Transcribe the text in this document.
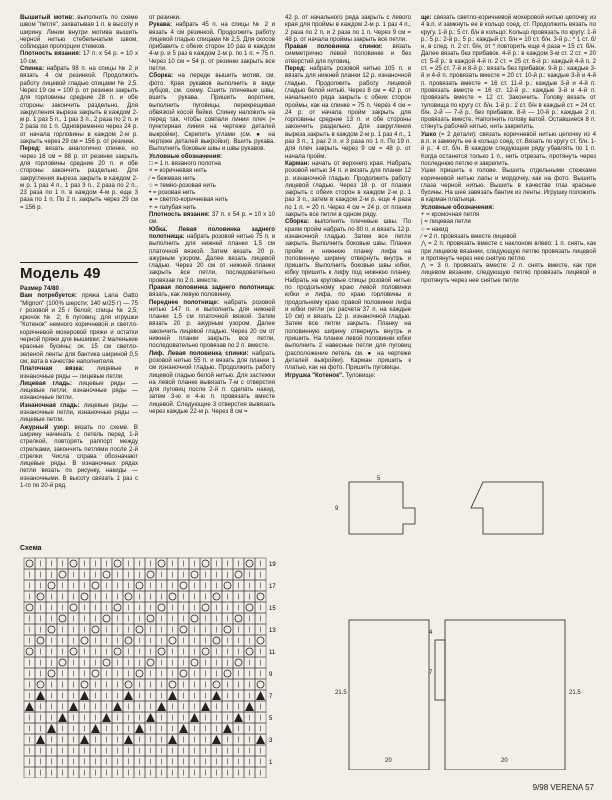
Вышитый мотив: выполнить по схеме швом "петля", захватывая 1 п. в высоту и ширину. Линии внутри мотива вышить черной нитью стебельчатым швом, соблюдая пропорции стежков.

Плотность вязания: 17 п. х 54 р. = 10 х 10 см.

Спинка: набрать 98 п. на спицы № 2 и вязать 4 см резинкой. Продолжить работу лицевой гладью спицами № 2,5. Через 19 см = 100 р. от резинки закрыть для горловины средние 28 п. и обе стороны закончить раздельно. Для закругления выреза закрыть в каждом 2-м р. 1 раз 5 п., 1 раз 3 п., 2 раза по 2 п. и 2 раза по 1 п. Одновременно через 24 р. от начала горловины в каждом 2-м р. закрыть через 29 см = 156 р. от резинки.

Перед: вязать аналогично спинке, но через 16 см = 88 р. от резинки закрыть для горловины средние 20 п. и обе стороны закончить раздельно. Для закругления выреза закрыть в каждом 2-м р. 1 раз 4 п., 1 раз 3 п., 2 раза по 2 п., 23 раза по 1 п. в каждом 4-м р. еще 3 раза по 1 п. По 2 п. закрыть через 29 см = 156 р.

Модель 49

Размер 74/80

Вам потребуется: пряжа Lana Gatto "Mignon" (100% шерсти; 140 м/25 г) — 75 г розовой и 25 г белой; спицы № 2,5; крючок № 2; 6 пуговиц; для игрушки "Котенок" немного коричневой и светло-коричневой мохеровой пряжи и остатки черной пряжи для вышивки; 2 маленькие красные бусины; ок. 15 см светло-зеленой ленты для бантика шириной 0,5 см; вата в качестве наполнителя.

Платочная вязка: лицевые и изнаночные ряды — лицевые петли.

Лицевая гладь: лицевые ряды — лицевые петли, изнаночные ряды — изнаночные петли.

Изнаночная гладь: лицевые ряды — изнаночные петли, изнаночные ряды — лицевые петли.

Ажурный узор: вязать по схеме. В ширину начинать с петель перед 1-й стрелкой, повторять раппорт между стрелками, закончить петлями после 2-й стрелки. Числа справа обозначают лицевые ряды. В изнаночных рядах петли вязать по рисунку, накиды — изнаночными. В высоту связать 1 раз с 1-го по 20-й ряд.

от резинки.

Рукава: набрать 45 п. на спицы № 2 и вязать 4 см резинкой. Продолжить работу лицевой гладью спицами № 2,5. Для скосов прибавить с обеих сторон 10 раз в каждом 4-м р. и 5 раз в каждом 2-м р. по 1 п. = 75 п. Через 10 см = 54 р. от резинки закрыть все петли.

Сборка: на переде вышить мотив, см. фото. Края рукавов выполнить в виде зубцов, см. схему. Сшить плечевые швы, вшить рукава. Пришить воротник, выполнить пуговицы, перекрещивая обвязкой косой бейки. Спинку наложить на перед так, чтобы совпали линии плеч (= пунктирная линия на чертеже деталей выкройки). Скрепить углами (см. ● на чертеже деталей выкройки). Вшить рукава. Выполнить боковые швы и швы рукавов.

Условные обозначения:

□ = 1 п. вязаного полотна

× = коричневая нить

⁄ = бежевая нить

○ = темно-розовая нить

• = розовая нить

● = светло-коричневая нить

+ = голубая нить

Плотность вязания: 37 п. х 54 р. = 10 х 10 см.

Юбка. Левая половинка заднего полотнища: набрать розовой нитью 75 п. и выполнить для нижней планки 1,5 см платочной вязкой. Затем вязать 20 р. ажурным узором. Далее вязать лицевой гладью. Через 20 см от нижней планки закрыть все петли, последовательно провязав по 2 п. вместе.

Правая половинка заднего полотнища: вязать, как левую половинку.

Переднее полотнище: набрать розовой нитью 147 п. и выполнить для нижней планки 1,5 см платочной вязкой. Затем вязать 20 р. ажурным узором. Далее закончить лицевой гладью. Через 20 см от нижней планки закрыть все петли, последовательно провязав по 2 п. вместе.

Лиф. Левая половинка спинки: набрать розовой нитью 55 п. и вязать для планки 1 см изнаночной гладью. Продолжить работу лицевой гладью белой нитью. Для застежки на левой планке вывязать 7-м с отверстия для пуговиц после 2-й п. сделать накид, затем 3-ю и 4-ю п. провязать вместе лицевой. Следующие 3 отверстия вывязать через каждые 22-м р. Через 8 см =

42 р. от начального ряда закрыть с левого края для проймы в каждом 2-м р. 1 раз 4 п., 2 раза по 2 п. и 2 раза по 1 п. Через 9 см = 48 р. от начала проймы закрыть все петли.

Правая половинка спинки: вязать симметрично левой половинке и без отверстий для пуговиц.

Перед: набрать розовой нитью 105 п. и вязать для нижней планки 12 р. изнаночной гладью. Продолжить работу лицевой гладью белой нитью. Через 8 см = 42 р. от начального ряда закрыть с обеих сторон проймы, как на спинке = 75 п. Через 4 см = 24 р. от начала пройм закрыть для горловины средние 13 п. и обе стороны закончить раздельно. Для закругления выреза закрыть в каждом 2-м р. 1 раз 4 п., 1 раз 3 п., 1 раз 2 п. и 3 раза по 1 п. По 19 п. для плеч закрыть через 9 см = 48 р. от начала пройм.

Карман: начать от верхнего края. Набрать розовой нитью 34 п. и вязать для планки 12 р. изнаночной гладью. Продолжить работу лицевой гладью. Через 18 р. от планки закрыть с обеих сторон в каждом 2-м р. 1 раз 3 п., затем в каждом 2-м р. еще 4 раза по 1 п. = 20 п. Через 4 см = 24 р. от планки закрыть все петли в одном ряду.

Сборка: выполнить плечевые швы. По краям пройм набрать по 80 п. и вязать 12 р. изнаночной гладью. Затем все петли закрыть. Выполнить боковые швы. Планки пройм и нижнюю планку лифа на половинную ширину отвернуть внутрь и пришить. Выполнить боковые швы юбки, юбку пришить к лифу под нижнюю планку. Набрать на круговые спицы розовой нитью по продольному краю левой половинки юбки и лифа, по краю горловины и продольному краю правой половинки лифа и юбки петли (из расчета 37 п. на каждые 10 см) и вязать 12 р. изнаночной гладью. Затем все петли закрыть. Планку на половинную ширину отвернуть внутрь и пришить. На планке левой половинки юбки выполнить 2 навесные петли для пуговиц (расположение петель см. ● на чертеже деталей выкройки). Карман пришить к платью, как на фото. Пришить пуговицы.

Игрушка "Котенок". Туловище:

ще: связать светло-коричневой мохеровой нитью цепочку из 4 в.п. и замкнуть ее в кольцо соед. ст. Продолжить вязать по кругу. 1-й р.: 5 ст. б/н в кольцо. Кольцо провязать по кругу: 1-й р.: 5 р.: 2-й р.: 5 р.: каждый ст. б/н = 10 ст. б/н. 3-й р.: * 1 ст. б/н, в след. п. 2 ст. б/н, от * повторить еще 4 раза = 15 ст. б/н. Далее вязать без прибавок. 4-й р.: в каждом 3-м ст. 2 ст. = 20 ст. 5-й р.: в каждой 4-й п. 2 ст. = 25 ст. 6-й р.: каждый 4-й п. 2 ст. = 25 ст. 7-й и 8-й р.: вязать без прибавок. 9-й р.: каждые 3-й и 4-й п. провязать вместе = 20 ст. 10-й р.: каждые 3-й и 4-й п. провязать вместе = 16 ст. 11-й р.: каждые 3-й и 4-й п. провязать вместе = 16 ст. 12-й р.: каждые 3-й и 4-й п. провязать вместе = 12 ст. Закончить. Голову вязать от туловища по кругу ст. б/н. 1-й р.: 2 ст. б/н в каждый ст. = 24 ст. б/н. 2-й — 7-й р.: без прибавок. 8-й — 10-й р.: каждые 2 п. провязать вместе. Наполнить голову ватой. Оставшиеся 8 п. стянуть рабочей нитью, нить закрепить.

Ушко (= 2 детали): связать коричневой нитью цепочку из 4 в.п. и замкнуть ее в кольцо соед. ст. Вязать по кругу ст. б/н. 1-й р.: 4 ст. б/н. В каждом следующем ряду убавлять по 1 п. Когда останется только 1 п., нить отрезать, протянуть через последнюю петлю и закрепить.

Ушки пришить к голове. Вышить отдельными стежками коричневой нитью лапы и мордочку, как на фото. Вышить глаза черной нитью. Вышить в качестве глаз красные бусины. На шее завязать бантик из ленты. Игрушку положить в карман платьица.

Условные обозначения:

+ = кромочная петля

| = лицевая петля

○ = накид

⁄ = 2 п. провязать вместе лицевой

⋀ = 2 п. провязать вместе с наклоном влево: 1 п. снять, как при лицевом вязании, следующую петлю провязать лицевой и протянуть через нее снятую петлю

⋀ = 3 п. провязать вместе: 2 п. снять вместе, как при лицевом вязании, следующую петлю провязать лицевой и протянуть через нее снятые петли

Схема
19
17
15
13
11
9
7
5
3
1
5
9
21.5	21.5
20	20
4
7
9/98 VERENA 57
